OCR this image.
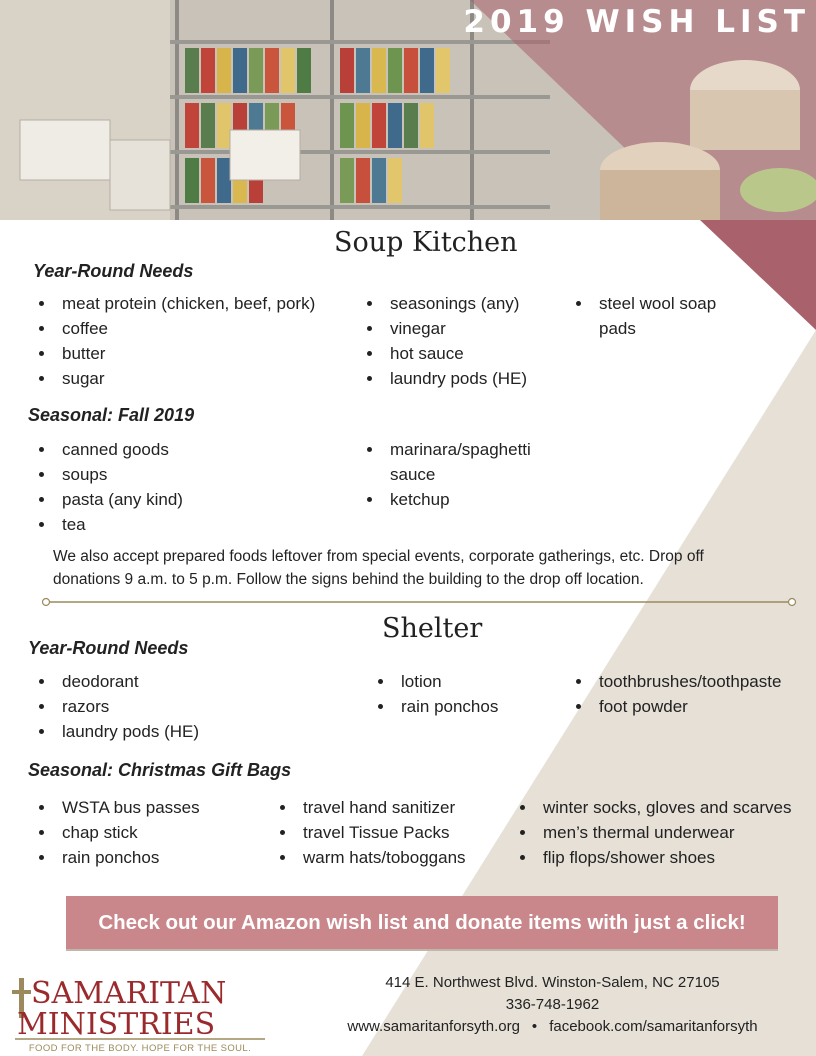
2019 WISH LIST
Soup Kitchen
Year-Round Needs
• meat protein (chicken, beef, pork)
• coffee
• butter
• sugar
• seasonings (any)
• vinegar
• hot sauce
• laundry pods (HE)
• steel wool soap pads
Seasonal: Fall 2019
• canned goods
• soups
• pasta (any kind)
• tea
• marinara/spaghetti sauce
• ketchup
We also accept prepared foods leftover from special events, corporate gatherings, etc. Drop off donations 9 a.m. to 5 p.m. Follow the signs behind the building to the drop off location.
Shelter
Year-Round Needs
• deodorant
• razors
• laundry pods (HE)
• lotion
• rain ponchos
• toothbrushes/toothpaste
• foot powder
Seasonal: Christmas Gift Bags
• WSTA bus passes
• chap stick
• rain ponchos
• travel hand sanitizer
• travel Tissue Packs
• warm hats/toboggans
• winter socks, gloves and scarves
• men’s thermal underwear
• flip flops/shower shoes
Check out our Amazon wish list and donate items with just a click!
SAMARITAN
MINISTRIES
FOOD FOR THE BODY. HOPE FOR THE SOUL.
414 E. Northwest Blvd. Winston-Salem, NC 27105
336-748-1962
www.samaritanforsyth.org • facebook.com/samaritanforsyth
